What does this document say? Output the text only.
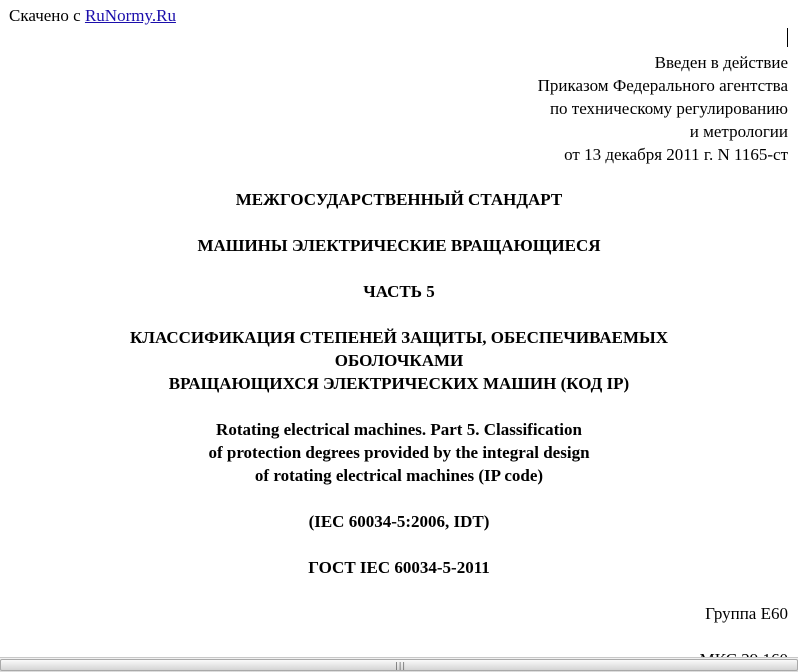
Скачено с RuNormy.Ru
Введен в действие
Приказом Федерального агентства
по техническому регулированию
и метрологии
от 13 декабря 2011 г. N 1165-ст
МЕЖГОСУДАРСТВЕННЫЙ СТАНДАРТ
МАШИНЫ ЭЛЕКТРИЧЕСКИЕ ВРАЩАЮЩИЕСЯ
ЧАСТЬ 5
КЛАССИФИКАЦИЯ СТЕПЕНЕЙ ЗАЩИТЫ, ОБЕСПЕЧИВАЕМЫХ
ОБОЛОЧКАМИ
ВРАЩАЮЩИХСЯ ЭЛЕКТРИЧЕСКИХ МАШИН (КОД IP)
Rotating electrical machines. Part 5. Classification
of protection degrees provided by the integral design
of rotating electrical machines (IP code)
(IEC 60034-5:2006, IDT)
ГОСТ IEC 60034-5-2011
Группа E60
|||
